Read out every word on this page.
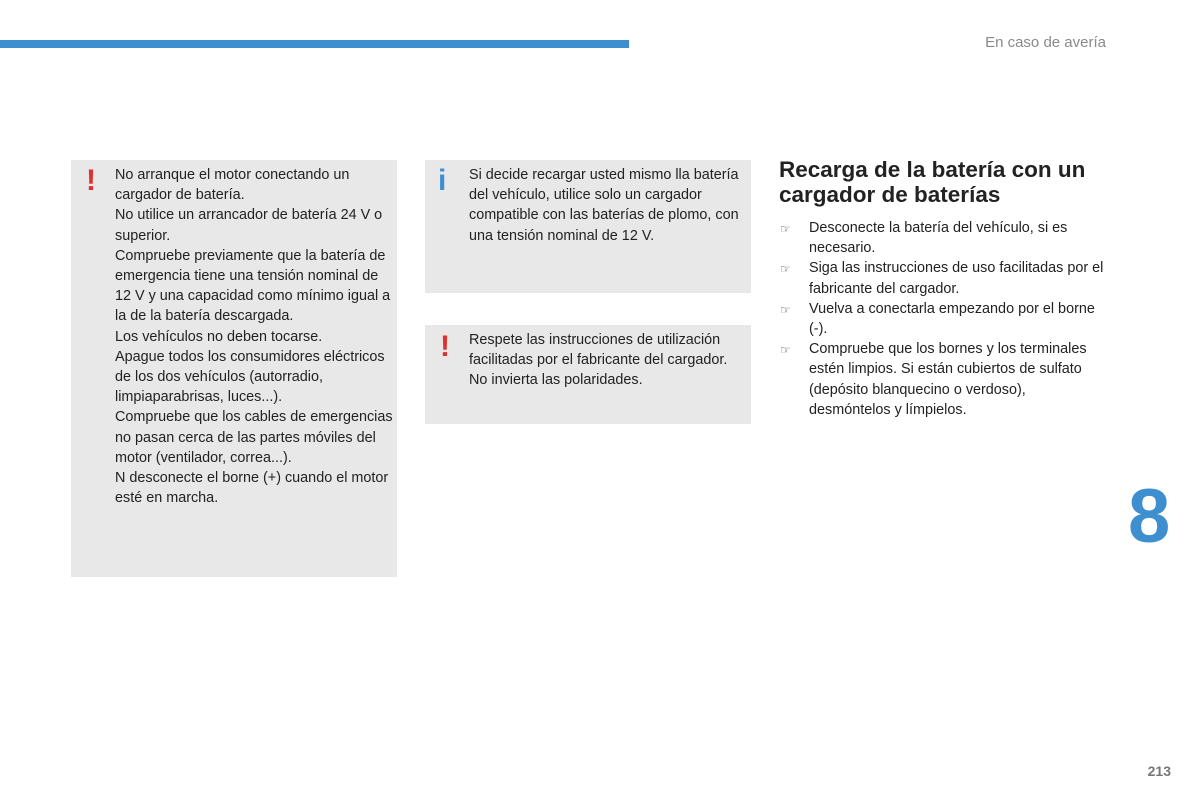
En caso de avería
! No arranque el motor conectando un cargador de batería.

No utilice un arrancador de batería 24 V o superior.

Compruebe previamente que la batería de emergencia tiene una tensión nominal de 12 V y una capacidad como mínimo igual a la de la batería descargada.

Los vehículos no deben tocarse.

Apague todos los consumidores eléctricos de los dos vehículos (autorradio, limpiaparabrisas, luces...).

Compruebe que los cables de emergencias no pasan cerca de las partes móviles del motor (ventilador, correa...).

N desconecte el borne (+) cuando el motor esté en marcha.

i Si decide recargar usted mismo lla batería del vehículo, utilice solo un cargador compatible con las baterías de plomo, con una tensión nominal de 12 V.

! Respete las instrucciones de utilización facilitadas por el fabricante del cargador.

No invierta las polaridades.

Recarga de la batería con un cargador de baterías
☞ Desconecte la batería del vehículo, si es necesario.
☞ Siga las instrucciones de uso facilitadas por el fabricante del cargador.
☞ Vuelva a conectarla empezando por el borne (-).
☞ Compruebe que los bornes y los terminales estén limpios. Si están cubiertos de sulfato (depósito blanquecino o verdoso), desmóntelos y límpielos.
8
213
